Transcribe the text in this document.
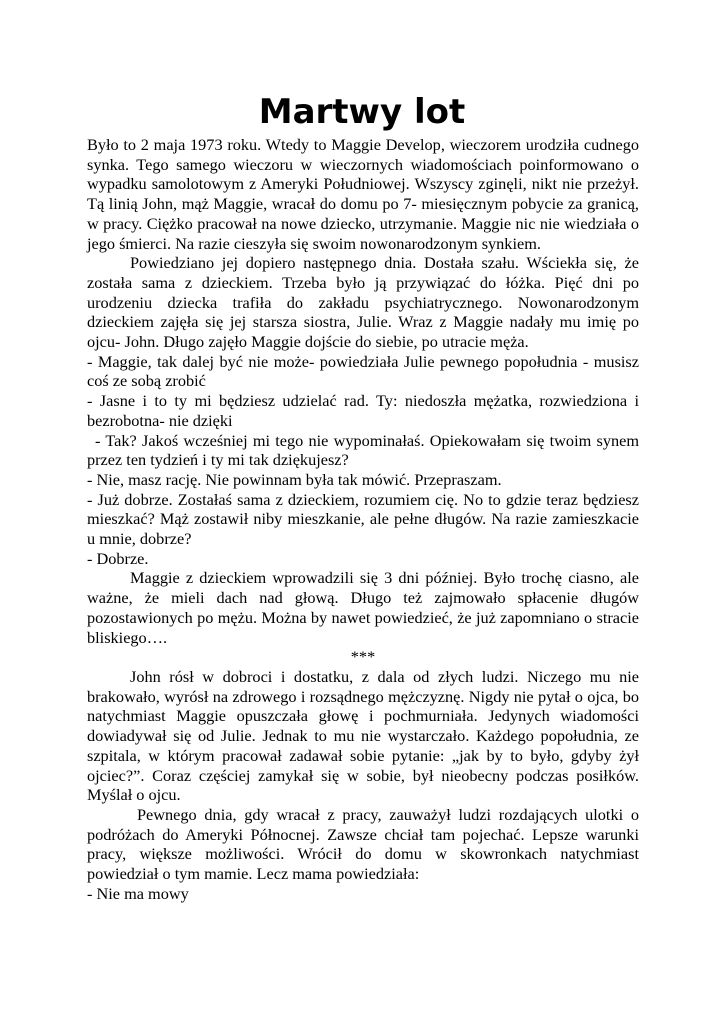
Martwy lot

Było to 2 maja 1973 roku. Wtedy to Maggie Develop, wieczorem urodziła cudnego synka. Tego samego wieczoru w wieczornych wiadomościach poinformowano o wypadku samolotowym z Ameryki Południowej. Wszyscy zginęli, nikt nie przeżył. Tą linią John, mąż Maggie, wracał do domu po 7- miesięcznym pobycie za granicą, w pracy. Ciężko pracował na nowe dziecko, utrzymanie. Maggie nic nie wiedziała o jego śmierci. Na razie cieszyła się swoim nowonarodzonym synkiem.

Powiedziano jej dopiero następnego dnia. Dostała szału. Wściekła się, że została sama z dzieckiem. Trzeba było ją przywiązać do łóżka. Pięć dni po urodzeniu dziecka trafiła do zakładu psychiatrycznego. Nowonarodzonym dzieckiem zajęła się jej starsza siostra, Julie. Wraz z Maggie nadały mu imię po ojcu- John. Długo zajęło Maggie dojście do siebie, po utracie męża.

- Maggie, tak dalej być nie może- powiedziała Julie pewnego popołudnia - musisz coś ze sobą zrobić

- Jasne i to ty mi będziesz udzielać rad. Ty: niedoszła mężatka, rozwiedziona i bezrobotna- nie dzięki

- Tak? Jakoś wcześniej mi tego nie wypominałaś. Opiekowałam się twoim synem przez ten tydzień i ty mi tak dziękujesz?

- Nie, masz rację. Nie powinnam była tak mówić. Przepraszam.

- Już dobrze. Zostałaś sama z dzieckiem, rozumiem cię. No to gdzie teraz będziesz mieszkać? Mąż zostawił niby mieszkanie, ale pełne długów. Na razie zamieszkacie u mnie, dobrze?

- Dobrze.

Maggie z dzieckiem wprowadzili się 3 dni później. Było trochę ciasno, ale ważne, że mieli dach nad głową. Długo też zajmowało spłacenie długów pozostawionych po mężu. Można by nawet powiedzieć, że już zapomniano o stracie bliskiego….

***

John rósł w dobroci i dostatku, z dala od złych ludzi. Niczego mu nie brakowało, wyrósł na zdrowego i rozsądnego mężczyznę. Nigdy nie pytał o ojca, bo natychmiast Maggie opuszczała głowę i pochmurniała. Jedynych wiadomości dowiadywał się od Julie. Jednak to mu nie wystarczało. Każdego popołudnia, ze szpitala, w którym pracował zadawał sobie pytanie: „jak by to było, gdyby żył ojciec?”. Coraz częściej zamykał się w sobie, był nieobecny podczas posiłków. Myślał o ojcu.

Pewnego dnia, gdy wracał z pracy, zauważył ludzi rozdających ulotki o podróżach do Ameryki Północnej. Zawsze chciał tam pojechać. Lepsze warunki pracy, większe możliwości. Wrócił do domu w skowronkach natychmiast powiedział o tym mamie. Lecz mama powiedziała:

- Nie ma mowy
